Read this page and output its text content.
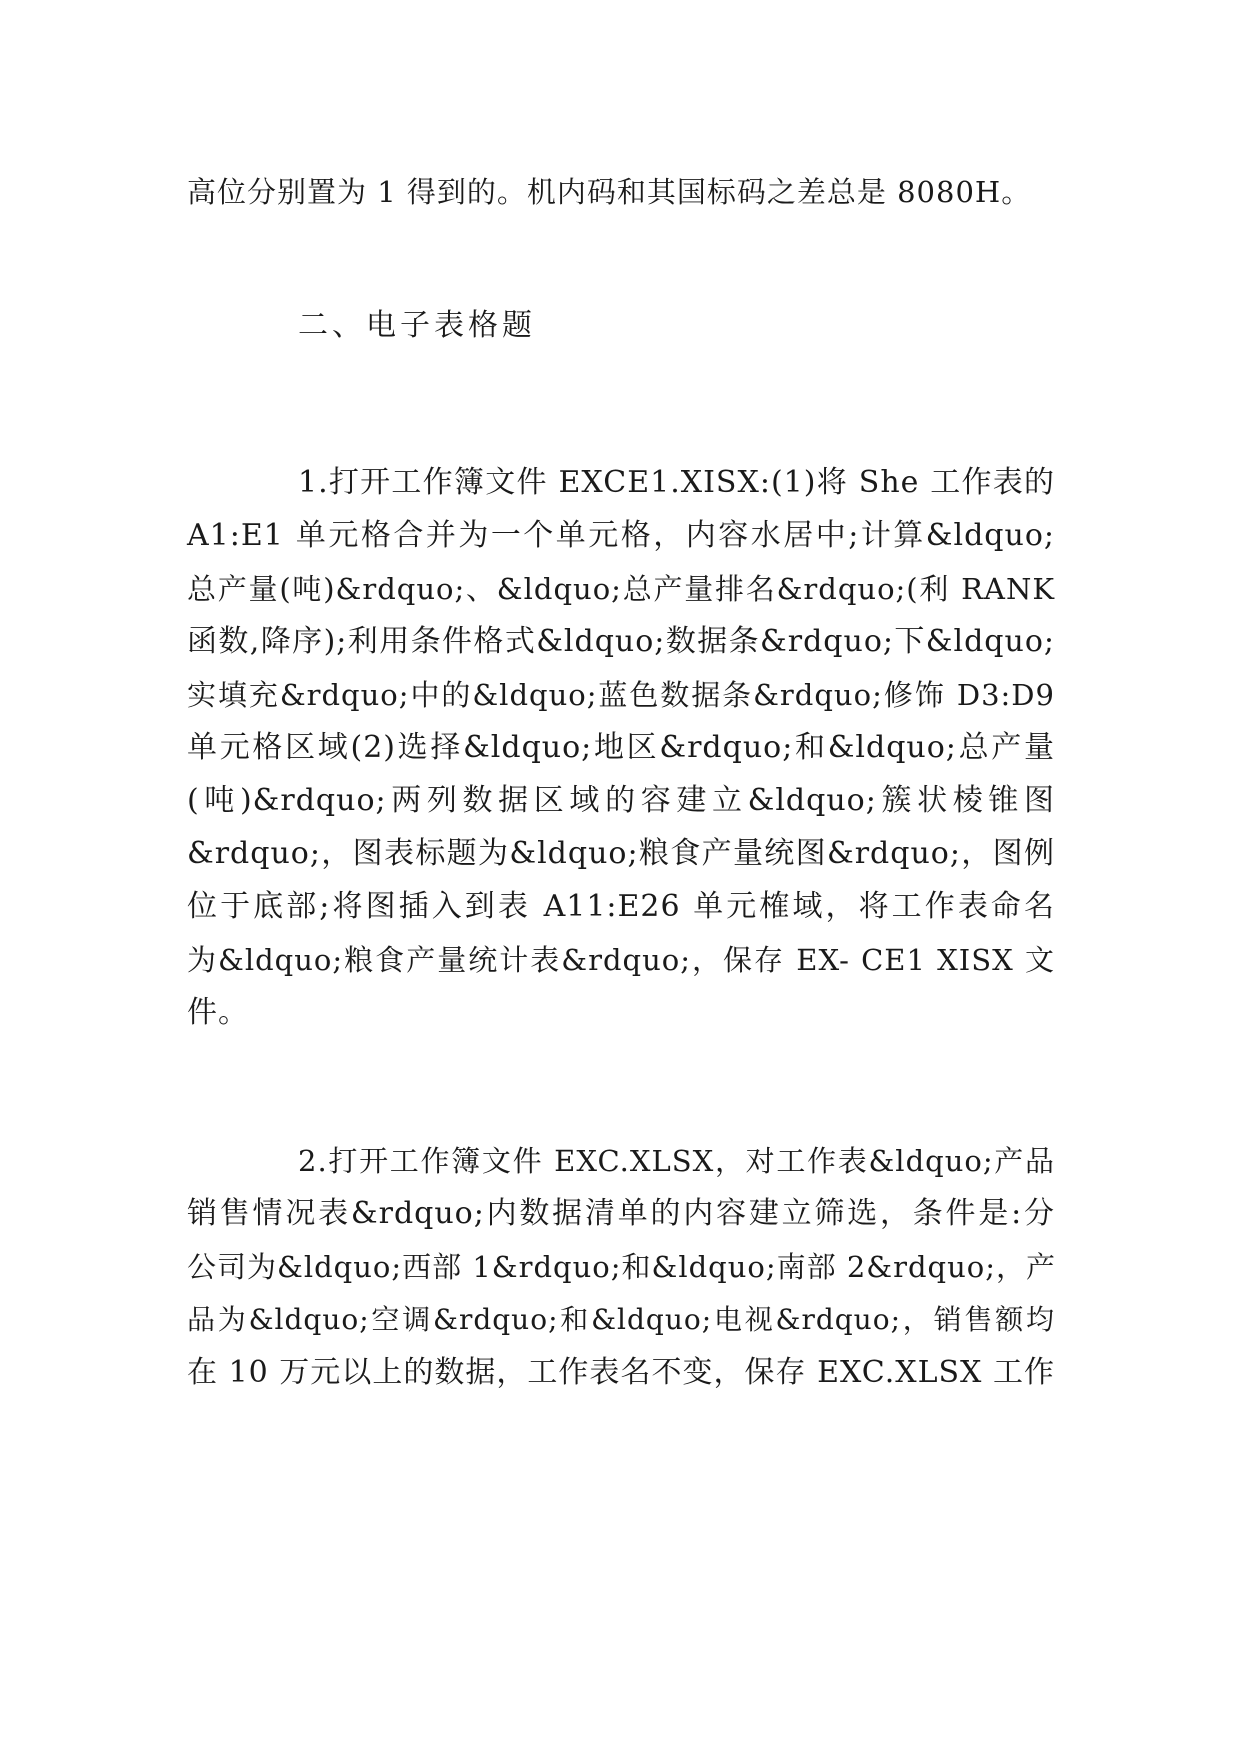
高位分别置为 1 得到的。机内码和其国标码之差总是 8080H。
二、电子表格题
1.打开工作簿文件 EXCE1.XISX:(1)将 She 工作表的
A1:E1 单元格合并为一个单元格，内容水居中;计算&ldquo;
总产量(吨)&rdquo;、&ldquo;总产量排名&rdquo;(利 RANK
函数,降序);利用条件格式&ldquo;数据条&rdquo;下&ldquo;
实填充&rdquo;中的&ldquo;蓝色数据条&rdquo;修饰 D3:D9
单元格区域(2)选择&ldquo;地区&rdquo;和&ldquo;总产量
(吨)&rdquo;两列数据区域的容建立&ldquo;簇状棱锥图
&rdquo;，图表标题为&ldquo;粮食产量统图&rdquo;，图例
位于底部;将图插入到表 A11:E26 单元榷域，将工作表命名
为&ldquo;粮食产量统计表&rdquo;，保存 EX- CE1 XISX 文
件。
2.打开工作簿文件 EXC.XLSX，对工作表&ldquo;产品
销售情况表&rdquo;内数据清单的内容建立筛选，条件是:分
公司为&ldquo;西部 1&rdquo;和&ldquo;南部 2&rdquo;，产
品为&ldquo;空调&rdquo;和&ldquo;电视&rdquo;，销售额均
在 10 万元以上的数据，工作表名不变，保存 EXC.XLSX 工作
